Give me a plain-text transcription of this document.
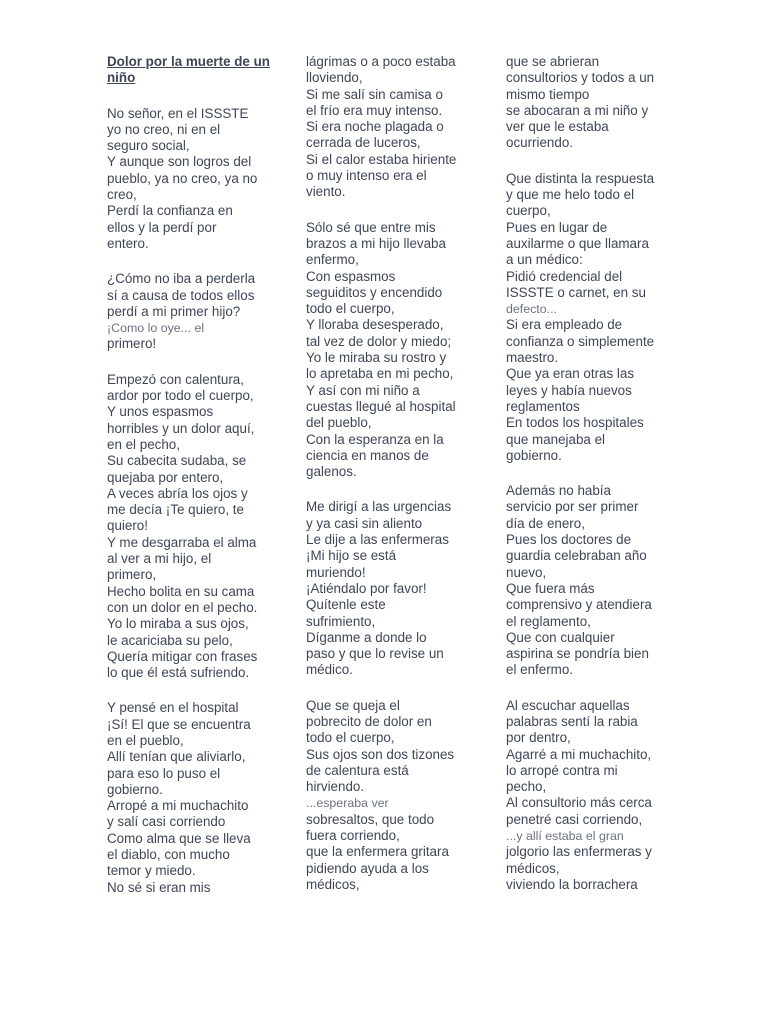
Dolor por la muerte de un niño
No señor, en el ISSSTE
yo no creo, ni en el
seguro social,
Y aunque son logros del
pueblo, ya no creo, ya no
creo,
Perdí la confianza en
ellos y la perdí por
entero.
¿Cómo no iba a perderla
sí a causa de todos ellos
perdí a mi primer hijo?
¡Como lo oye... el
primero!
Empezó con calentura,
ardor por todo el cuerpo,
Y unos espasmos
horribles y un dolor aquí,
en el pecho,
Su cabecita sudaba, se
quejaba por entero,
A veces abría los ojos y
me decía ¡Te quiero, te
quiero!
Y me desgarraba el alma
al ver a mi hijo, el
primero,
Hecho bolita en su cama
con un dolor en el pecho.
Yo lo miraba a sus ojos,
le acariciaba su pelo,
Quería mitigar con frases
lo que él está sufriendo.
Y pensé en el hospital
¡Sí! El que se encuentra
en el pueblo,
Allí tenían que aliviarlo,
para eso lo puso el
gobierno.
Arropé a mi muchachito
y salí casi corriendo
Como alma que se lleva
el diablo, con mucho
temor y miedo.
No sé si eran mis
lágrimas o a poco estaba
lloviendo,
Si me salí sin camisa o
el frío era muy intenso.
Si era noche plagada o
cerrada de luceros,
Si el calor estaba hiriente
o muy intenso era el
viento.
Sólo sé que entre mis
brazos a mi hijo llevaba
enfermo,
Con espasmos
seguiditos y encendido
todo el cuerpo,
Y lloraba desesperado,
tal vez de dolor y miedo;
Yo le miraba su rostro y
lo apretaba en mi pecho,
Y así con mi niño a
cuestas llegué al hospital
del pueblo,
Con la esperanza en la
ciencia en manos de
galenos.
Me dirigí a las urgencias
y ya casi sin aliento
Le dije a las enfermeras
¡Mi hijo se está
muriendo!
¡Atiéndalo por favor!
Quítenle este
sufrimiento,
Díganme a donde lo
paso y que lo revise un
médico.
Que se queja el
pobrecito de dolor en
todo el cuerpo,
Sus ojos son dos tizones
de calentura está
hirviendo.
...esperaba ver
sobresaltos, que todo
fuera corriendo,
que la enfermera gritara
pidiendo ayuda a los
médicos,
que se abrieran
consultorios y todos a un
mismo tiempo
se abocaran a mi niño y
ver que le estaba
ocurriendo.
Que distinta la respuesta
y que me helo todo el
cuerpo,
Pues en lugar de
auxilarme o que llamara
a un médico:
Pidió credencial del
ISSSTE o carnet, en su
defecto...
Si era empleado de
confianza o simplemente
maestro.
Que ya eran otras las
leyes y había nuevos
reglamentos
En todos los hospitales
que manejaba el
gobierno.
Además no había
servicio por ser primer
día de enero,
Pues los doctores de
guardia celebraban año
nuevo,
Que fuera más
comprensivo y atendiera
el reglamento,
Que con cualquier
aspirina se pondría bien
el enfermo.
Al escuchar aquellas
palabras sentí la rabia
por dentro,
Agarré a mi muchachito,
lo arropé contra mi
pecho,
Al consultorio más cerca
penetré casi corriendo,
...y allí estaba el gran
jolgorio las enfermeras y
médicos,
viviendo la borrachera
